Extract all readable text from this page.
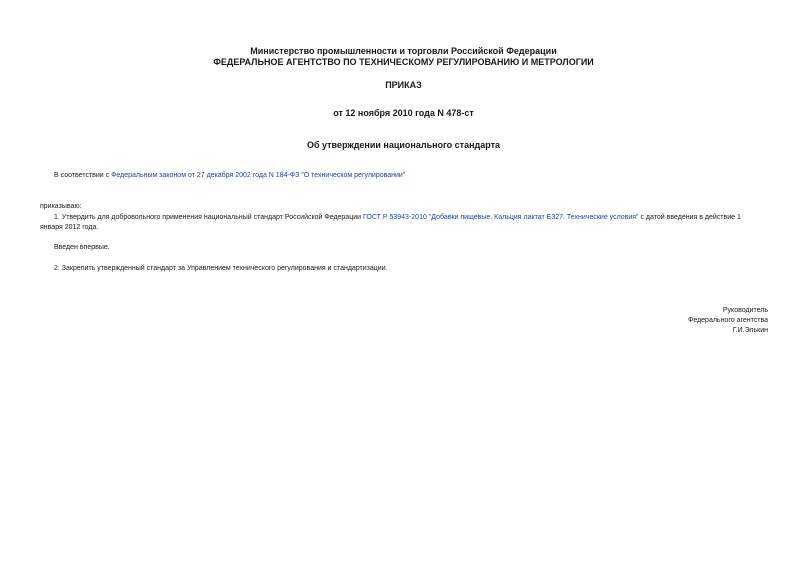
Министерство промышленности и торговли Российской Федерации
ФЕДЕРАЛЬНОЕ АГЕНТСТВО ПО ТЕХНИЧЕСКОМУ РЕГУЛИРОВАНИЮ И МЕТРОЛОГИИ
ПРИКАЗ
от 12 ноября 2010 года N 478-ст
Об утверждении национального стандарта
В соответствии с Федеральным законом от 27 декабря 2002 года N 184-ФЗ "О техническом регулировании"
приказываю:
1. Утвердить для добровольного применения национальный стандарт Российской Федерации ГОСТ Р 53943-2010 "Добавки пищевые. Кальция лактат Е327. Технические условия" с датой введения в действие 1
января 2012 года.
Введен впервые.
2. Закрепить утвержденный стандарт за Управлением технического регулирования и стандартизации.
Руководитель
Федерального агентства
Г.И.Элькин
